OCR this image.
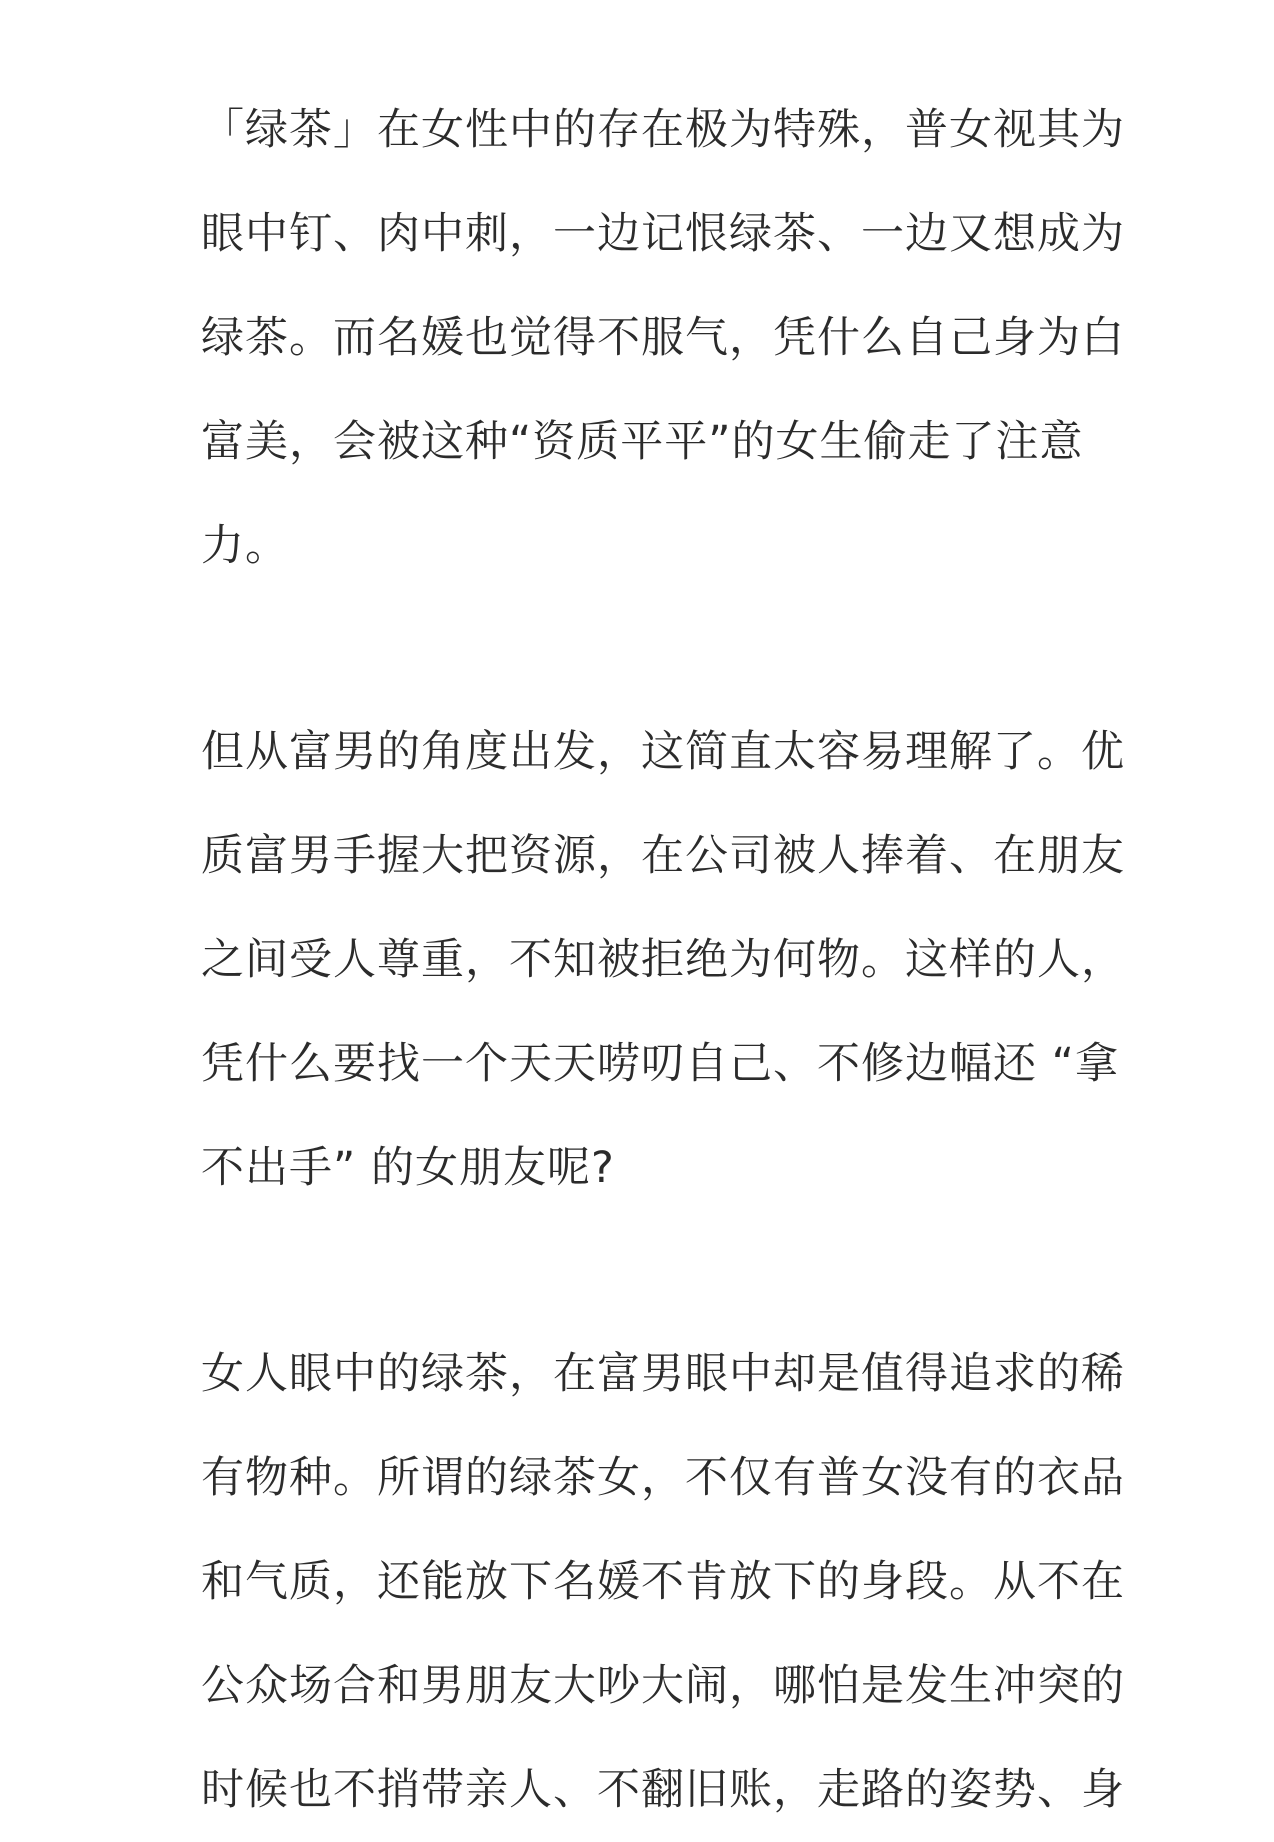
「绿茶」在女性中的存在极为特殊，普女视其为
眼中钉、肉中刺，一边记恨绿茶、一边又想成为
绿茶。而名媛也觉得不服气，凭什么自己身为白
富美，会被这种“资质平平”的女生偷走了注意
力。
但从富男的角度出发，这简直太容易理解了。优
质富男手握大把资源，在公司被人捧着、在朋友
之间受人尊重，不知被拒绝为何物。这样的人，
凭什么要找一个天天唠叨自己、不修边幅还 “拿
不出手” 的女朋友呢?
女人眼中的绿茶，在富男眼中却是值得追求的稀
有物种。所谓的绿茶女，不仅有普女没有的衣品
和气质，还能放下名媛不肯放下的身段。从不在
公众场合和男朋友大吵大闹，哪怕是发生冲突的
时候也不捎带亲人、不翻旧账，走路的姿势、身
